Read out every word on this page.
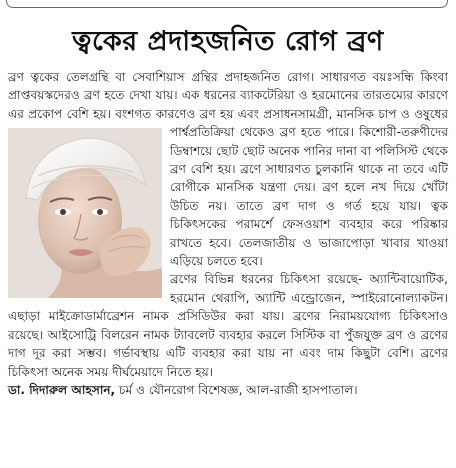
ত্বকের প্রদাহজনিত রোগ ব্রণ
ব্রণ ত্বকের তেলগ্রন্থি বা সেবাশিয়াস গ্রন্থির প্রদাহজনিত রোগ। সাধারণত বয়ঃসন্ধি কিংবা প্রাপ্তবয়স্কদেরও ব্রণ হতে দেখা যায়। এক ধরনের ব্যাকটেরিয়া ও হরমোনের তারতম্যের কারণে এর প্রকোপ বেশি হয়। বংশগত কারণেও ব্রণ হয় এবং প্রসাধনসামগ্রী, মানসিক চাপ ও ওষুধের
পার্শ্বপ্রতিক্রিয়া থেকেও ব্রণ হতে পারে। কিশোরী-তরুণীদের ডিম্বাশয়ে ছোট ছোট অনেক পানির দানা বা পলিসিস্ট থেকে ব্রণ বেশি হয়। ব্রণে সাধারণত চুলকানি থাকে না তবে এটি রোগীকে মানসিক যন্ত্রণা দেয়। ব্রণ হলে নখ দিয়ে খোঁটা উচিত নয়। তাতে ব্রণ দাগ ও গর্ত হয়ে যায়। ত্বক চিকিৎসকের পরামর্শে ফেসওয়াশ ব্যবহার করে পরিষ্কার রাখতে হবে। তেলজাতীয় ও ভাজাপোড়া খাবার খাওয়া এড়িয়ে চলতে হবে।
ব্রণের বিভিন্ন ধরনের চিকিৎসা রয়েছে- অ্যান্টিবায়োটিক, হরমোন থেরাপি, অ্যান্টি এন্ড্রোজেন, স্পাইরোনোল্যাকটন। এছাড়া মাইক্রোডার্মাব্রেশন নামক প্রসিডিউর করা যায়। ব্রণের নিরাময়যোগ্য চিকিৎসাও রয়েছে। আইসোট্রি বিলরেন নামক ট্যাবলেট ব্যবহার করলে সিস্টিক বা পুঁজযুক্ত ব্রণ ও ব্রণের দাগ দূর করা সম্ভব। গর্ভাবস্থায় এটি ব্যবহার করা যায় না এবং দাম কিছুটা বেশি। ব্রণের চিকিৎসা অনেক সময় দীর্ঘমেয়াদে নিতে হয়।
ডা. দিদারুল আহসান, চর্ম ও যৌনরোগ বিশেষজ্ঞ, আল-রাজী হাসপাতাল।
